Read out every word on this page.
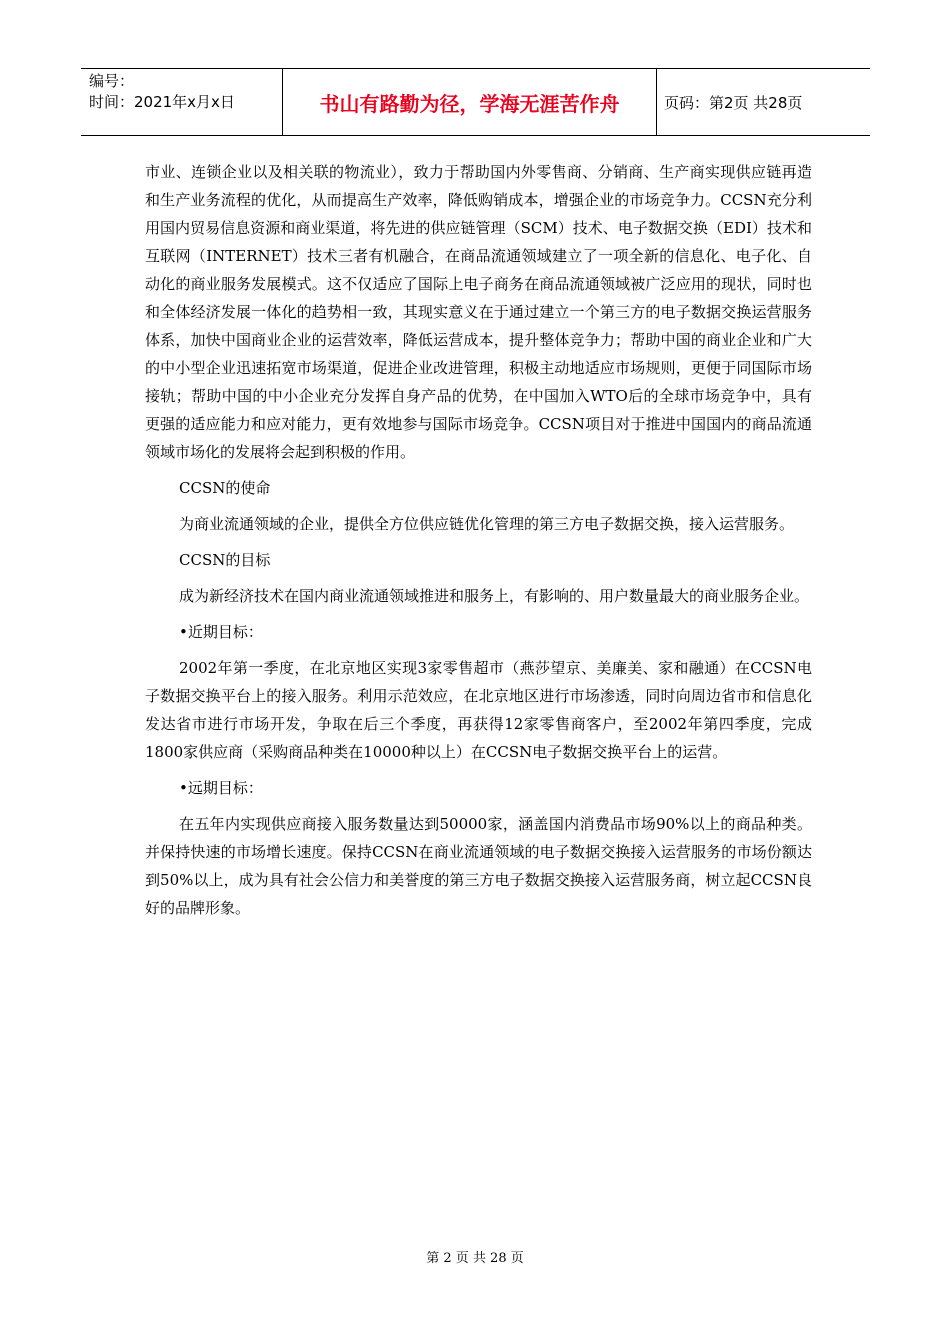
编号：
时间：2021年x月x日	书山有路勤为径，学海无涯苦作舟	页码：第2页 共28页

市业、连锁企业以及相关联的物流业），致力于帮助国内外零售商、分销商、生产商实现供应链再造和生产业务流程的优化，从而提高生产效率，降低购销成本，增强企业的市场竞争力。CCSN充分利用国内贸易信息资源和商业渠道，将先进的供应链管理（SCM）技术、电子数据交换（EDI）技术和互联网（INTERNET）技术三者有机融合，在商品流通领域建立了一项全新的信息化、电子化、自动化的商业服务发展模式。这不仅适应了国际上电子商务在商品流通领域被广泛应用的现状，同时也和全体经济发展一体化的趋势相一致，其现实意义在于通过建立一个第三方的电子数据交换运营服务体系，加快中国商业企业的运营效率，降低运营成本，提升整体竞争力；帮助中国的商业企业和广大的中小型企业迅速拓宽市场渠道，促进企业改进管理，积极主动地适应市场规则，更便于同国际市场接轨；帮助中国的中小企业充分发挥自身产品的优势，在中国加入WTO后的全球市场竞争中，具有更强的适应能力和应对能力，更有效地参与国际市场竞争。CCSN项目对于推进中国国内的商品流通领域市场化的发展将会起到积极的作用。

CCSN的使命

为商业流通领域的企业，提供全方位供应链优化管理的第三方电子数据交换，接入运营服务。

CCSN的目标

成为新经济技术在国内商业流通领域推进和服务上，有影响的、用户数量最大的商业服务企业。

•近期目标：

2002年第一季度，在北京地区实现3家零售超市（燕莎望京、美廉美、家和融通）在CCSN电子数据交换平台上的接入服务。利用示范效应，在北京地区进行市场渗透，同时向周边省市和信息化发达省市进行市场开发，争取在后三个季度，再获得12家零售商客户，至2002年第四季度，完成1800家供应商（采购商品种类在10000种以上）在CCSN电子数据交换平台上的运营。

•远期目标：

在五年内实现供应商接入服务数量达到50000家，涵盖国内消费品市场90%以上的商品种类。并保持快速的市场增长速度。保持CCSN在商业流通领域的电子数据交换接入运营服务的市场份额达到50%以上，成为具有社会公信力和美誉度的第三方电子数据交换接入运营服务商，树立起CCSN良好的品牌形象。

第 2 页 共 28 页
